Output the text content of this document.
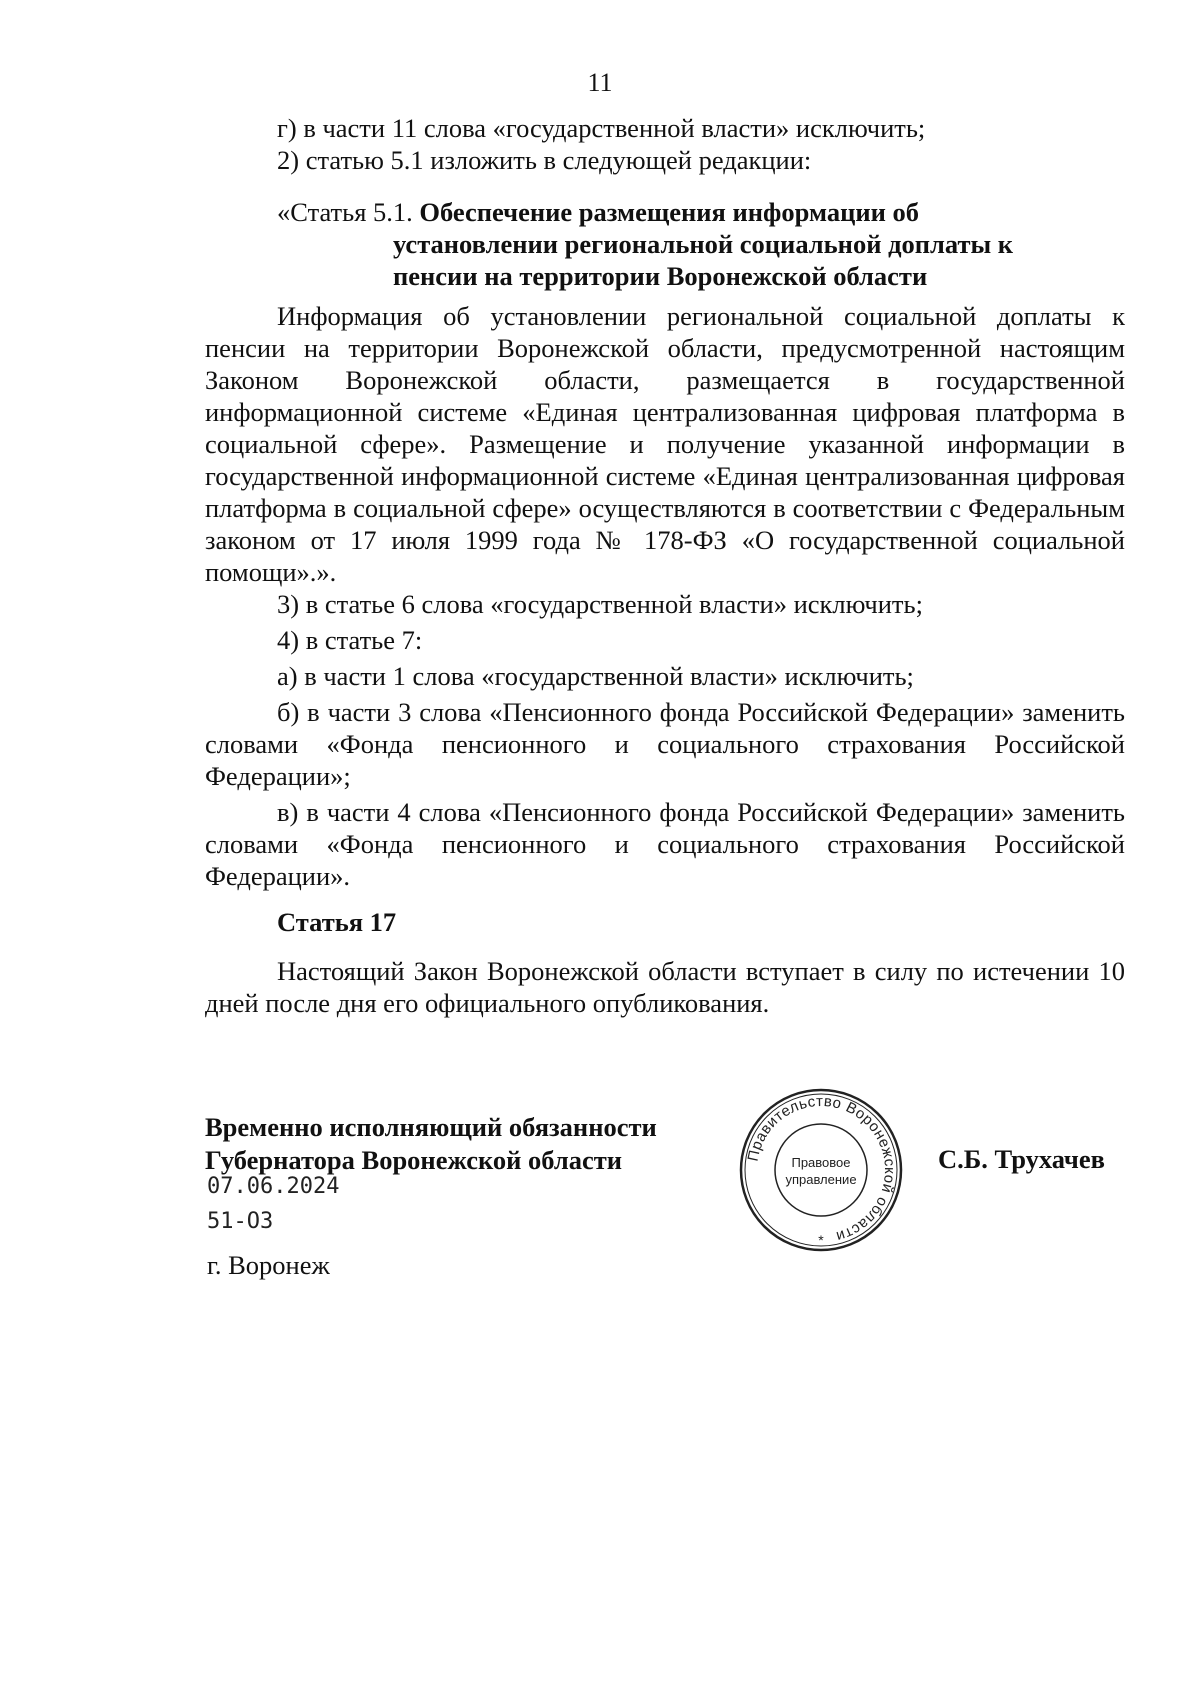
11

г) в части 11 слова «государственной власти» исключить;

2) статью 5.1 изложить в следующей редакции:

«Статья 5.1. Обеспечение размещения информации об
установлении региональной социальной доплаты к
пенсии на территории Воронежской области

Информация об установлении региональной социальной доплаты к пенсии на территории Воронежской области, предусмотренной настоящим Законом Воронежской области, размещается в государственной информационной системе «Единая централизованная цифровая платформа в социальной сфере». Размещение и получение указанной информации в государственной информационной системе «Единая централизованная цифровая платформа в социальной сфере» осуществляются в соответствии с Федеральным законом от 17 июля 1999 года № 178-ФЗ «О государственной социальной помощи».».

3) в статье 6 слова «государственной власти» исключить;

4) в статье 7:

а) в части 1 слова «государственной власти» исключить;

б) в части 3 слова «Пенсионного фонда Российской Федерации» заменить словами «Фонда пенсионного и социального страхования Российской Федерации»;

в) в части 4 слова «Пенсионного фонда Российской Федерации» заменить словами «Фонда пенсионного и социального страхования Российской Федерации».

Статья 17

Настоящий Закон Воронежской области вступает в силу по истечении 10 дней после дня его официального опубликования.

Временно исполняющий обязанности
Губернатора Воронежской области
07.06.2024
51-ОЗ
г. Воронеж
С.Б. Трухачев
Правительство Воронежской области
Правовое
управление
*
